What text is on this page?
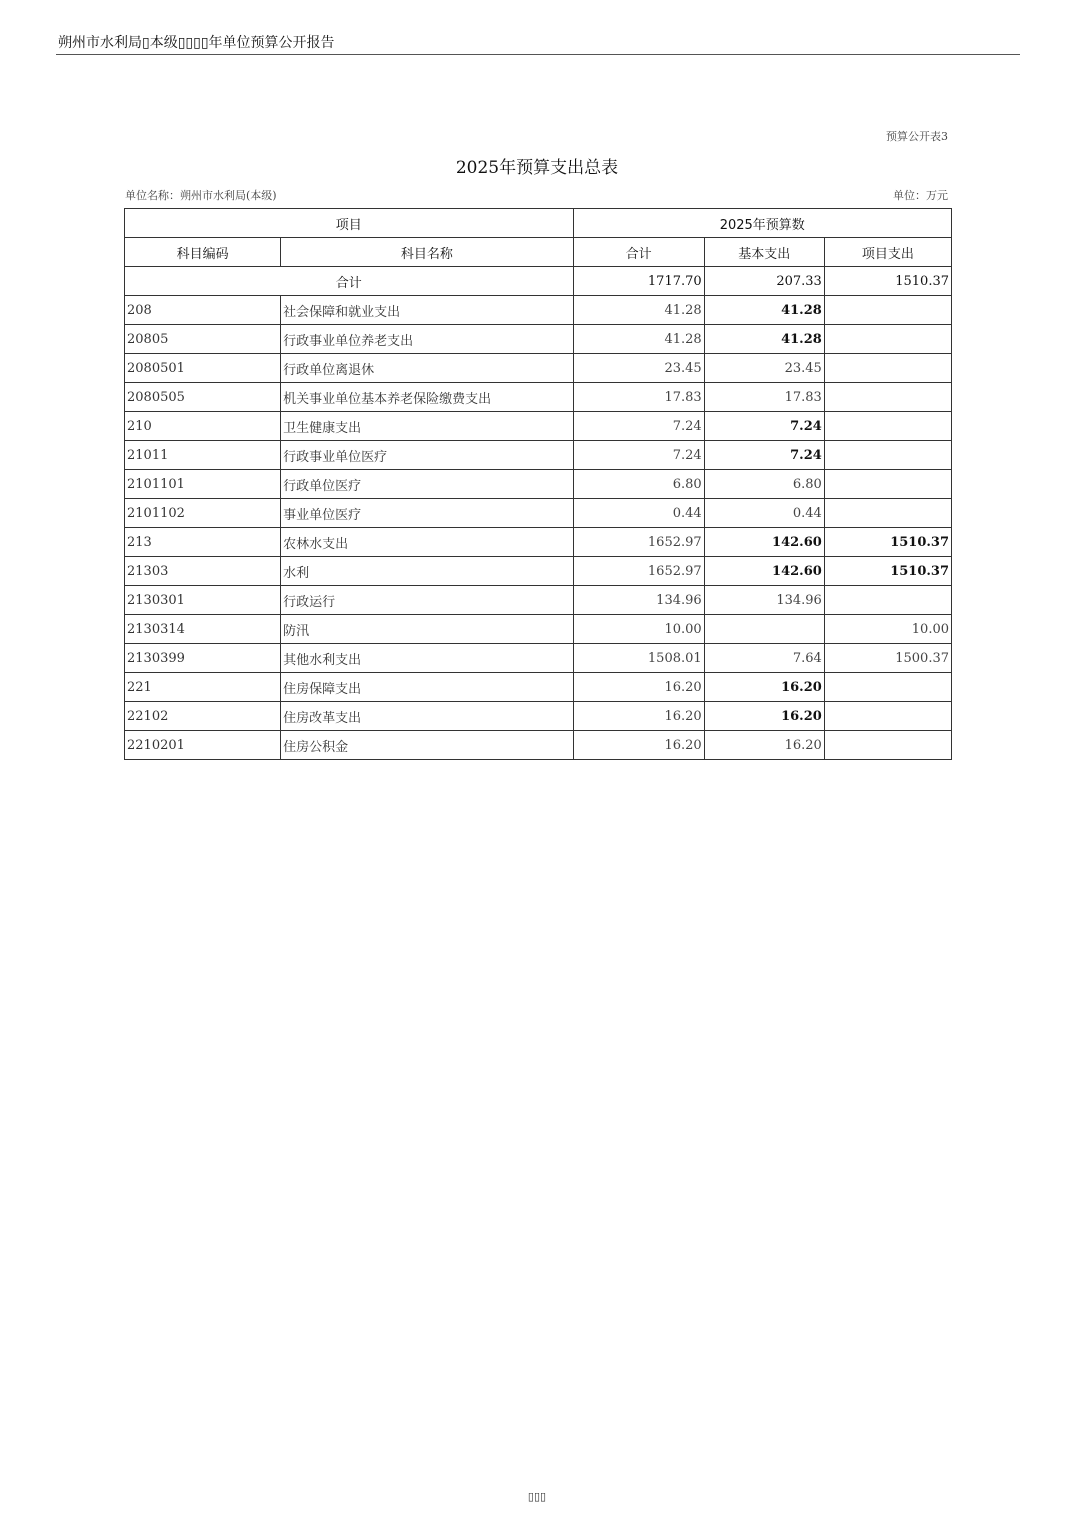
朔州市水利局▯本级▯▯▯▯年单位预算公开报告
预算公开表3
2025年预算支出总表
单位名称：朔州市水利局(本级)	单位：万元
项目		2025年预算数		
科目编码	科目名称	合计	基本支出	项目支出
合计		1717.70	207.33	1510.37
208	社会保障和就业支出	41.28	41.28	
20805	行政事业单位养老支出	41.28	41.28	
2080501	行政单位离退休	23.45	23.45	
2080505	机关事业单位基本养老保险缴费支出	17.83	17.83	
210	卫生健康支出	7.24	7.24	
21011	行政事业单位医疗	7.24	7.24	
2101101	行政单位医疗	6.80	6.80	
2101102	事业单位医疗	0.44	0.44	
213	农林水支出	1652.97	142.60	1510.37
21303	水利	1652.97	142.60	1510.37
2130301	行政运行	134.96	134.96	
2130314	防汛	10.00		10.00
2130399	其他水利支出	1508.01	7.64	1500.37
221	住房保障支出	16.20	16.20	
22102	住房改革支出	16.20	16.20	
2210201	住房公积金	16.20	16.20	
▯▯▯
